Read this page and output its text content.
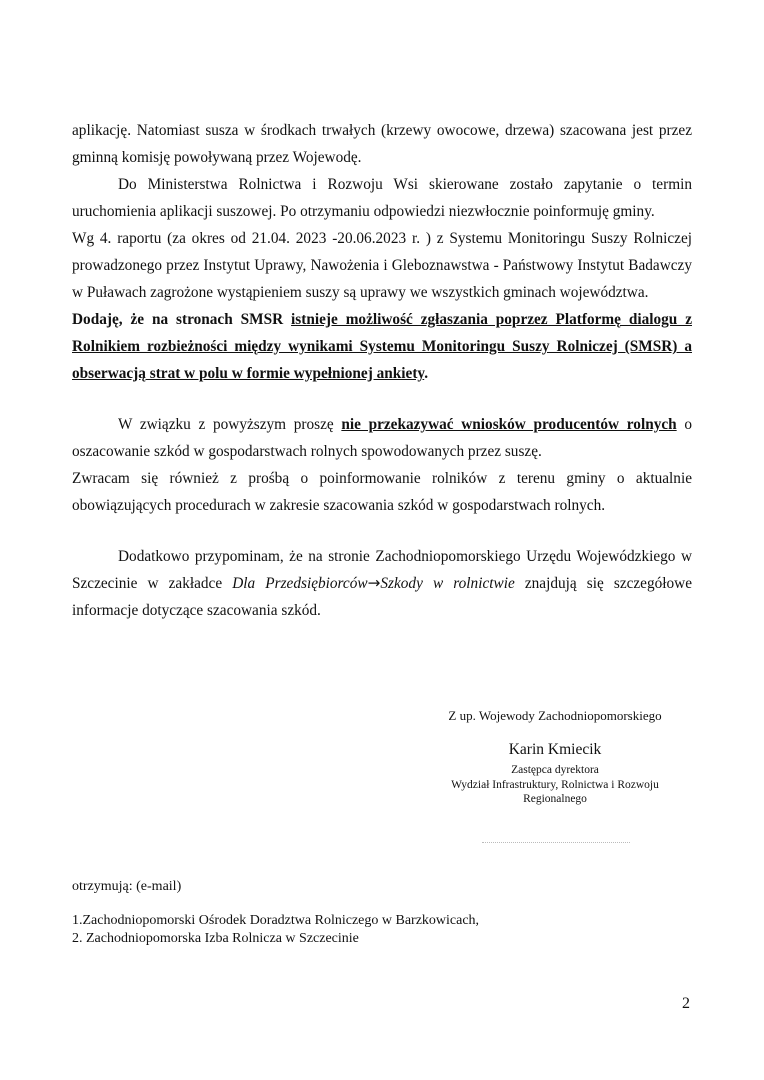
aplikację. Natomiast susza w środkach trwałych (krzewy owocowe, drzewa) szacowana jest przez gminną komisję powoływaną przez Wojewodę.

Do Ministerstwa Rolnictwa i Rozwoju Wsi skierowane zostało zapytanie o termin uruchomienia aplikacji suszowej. Po otrzymaniu odpowiedzi niezwłocznie poinformuję gminy.

Wg 4. raportu (za okres od 21.04. 2023 -20.06.2023 r. ) z Systemu Monitoringu Suszy Rolniczej prowadzonego przez Instytut Uprawy, Nawożenia i Gleboznawstwa - Państwowy Instytut Badawczy w Puławach zagrożone wystąpieniem suszy są uprawy we wszystkich gminach województwa.

Dodaję, że na stronach SMSR istnieje możliwość zgłaszania poprzez Platformę dialogu z Rolnikiem rozbieżności między wynikami Systemu Monitoringu Suszy Rolniczej (SMSR) a obserwacją strat w polu w formie wypełnionej ankiety.

W związku z powyższym proszę nie przekazywać wniosków producentów rolnych o oszacowanie szkód w gospodarstwach rolnych spowodowanych przez suszę.

Zwracam się również z prośbą o poinformowanie rolników z terenu gminy o aktualnie obowiązujących procedurach w zakresie szacowania szkód w gospodarstwach rolnych.

Dodatkowo przypominam, że na stronie Zachodniopomorskiego Urzędu Wojewódzkiego w Szczecinie w zakładce Dla Przedsiębiorców→Szkody w rolnictwie znajdują się szczegółowe informacje dotyczące szacowania szkód.

Z up. Wojewody Zachodniopomorskiego
Karin Kmiecik
Zastępca dyrektora
Wydział Infrastruktury, Rolnictwa i Rozwoju
Regionalnego
otrzymują: (e-mail)
1.Zachodniopomorski Ośrodek Doradztwa Rolniczego w Barzkowicach,
2. Zachodniopomorska Izba Rolnicza w Szczecinie
2
